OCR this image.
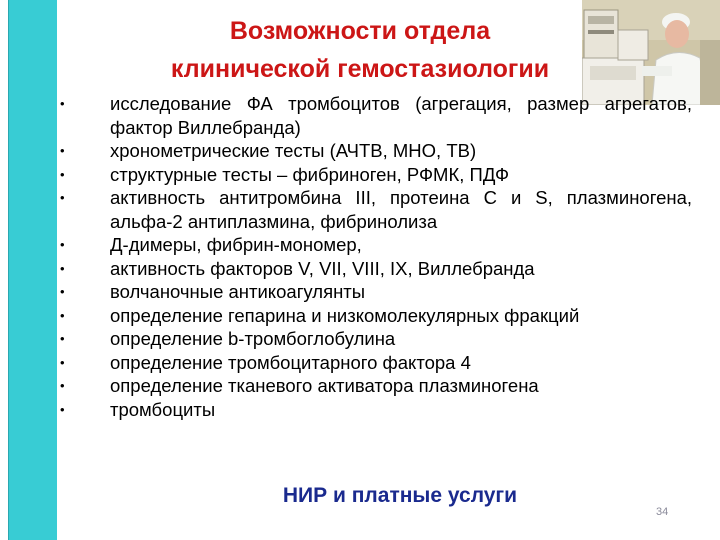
Возможности отдела
клинической гемостазиологии
• исследование ФА тромбоцитов (агрегация, размер агрегатов, фактор Виллебранда)
• хронометрические тесты (АЧТВ, МНО, ТВ)
• структурные тесты – фибриноген, РФМК, ПДФ
• активность антитромбина III, протеина С и S, плазминогена, альфа-2 антиплазмина, фибринолиза
• Д-димеры, фибрин-мономер,
• активность факторов V, VII, VIII, IX, Виллебранда
• волчаночные антикоагулянты
• определение гепарина и низкомолекулярных фракций
• определение b-тромбоглобулина
• определение тромбоцитарного фактора 4
• определение тканевого активатора плазминогена
• тромбоциты
НИР и платные услуги
34
